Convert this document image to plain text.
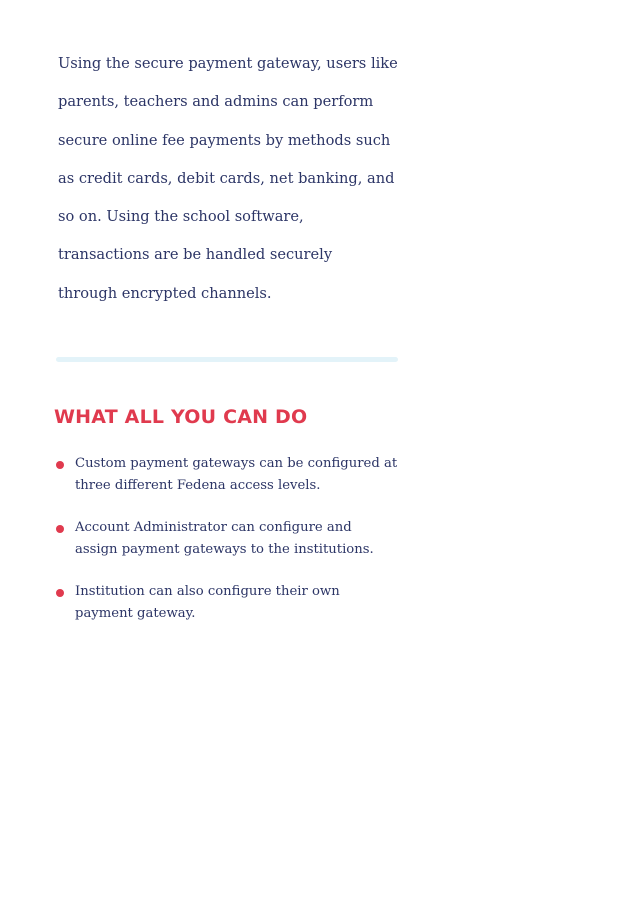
Using the secure payment gateway, users like
parents, teachers and admins can perform
secure online fee payments by methods such
as credit cards, debit cards, net banking, and
so on. Using the school software,
transactions are be handled securely
through encrypted channels.

WHAT ALL YOU CAN DO
Custom payment gateways can be configured at
three different Fedena access levels.
Account Administrator can configure and
assign payment gateways to the institutions.
Institution can also configure their own
payment gateway.
